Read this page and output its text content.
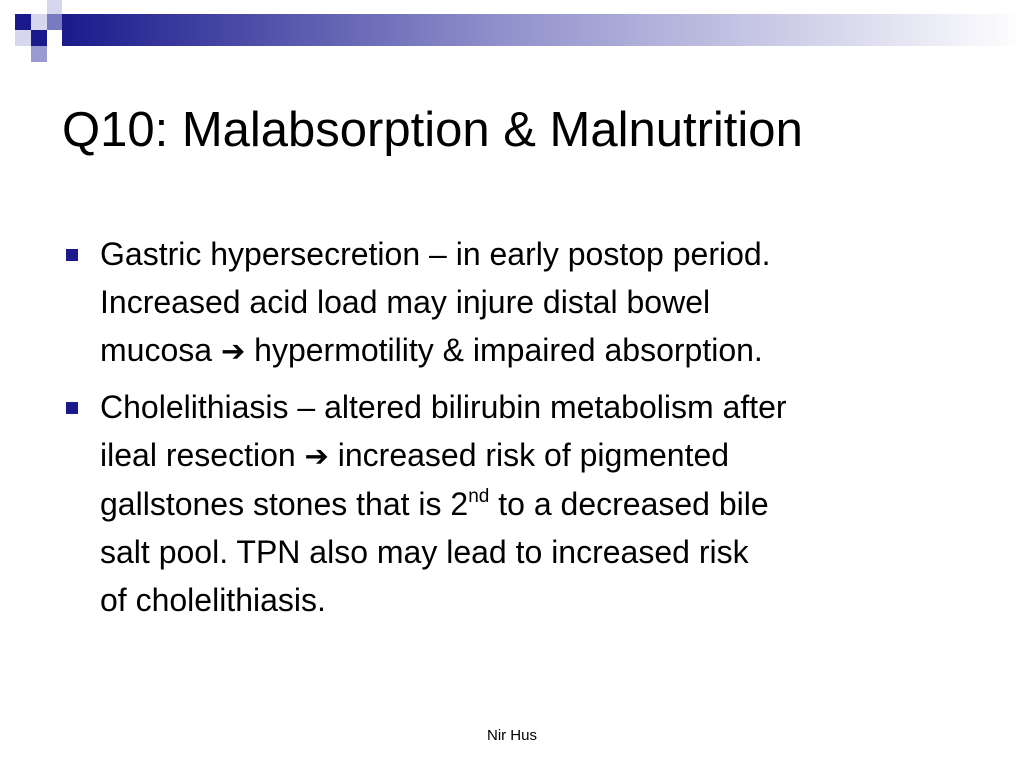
Q10: Malabsorption & Malnutrition
Gastric hypersecretion – in early postop period.
Increased acid load may injure distal bowel
mucosa ➔ hypermotility & impaired absorption.
Cholelithiasis – altered bilirubin metabolism after
ileal resection ➔ increased risk of pigmented
gallstones stones that is 2nd to a decreased bile
salt pool. TPN also may lead to increased risk
of cholelithiasis.
Nir Hus
